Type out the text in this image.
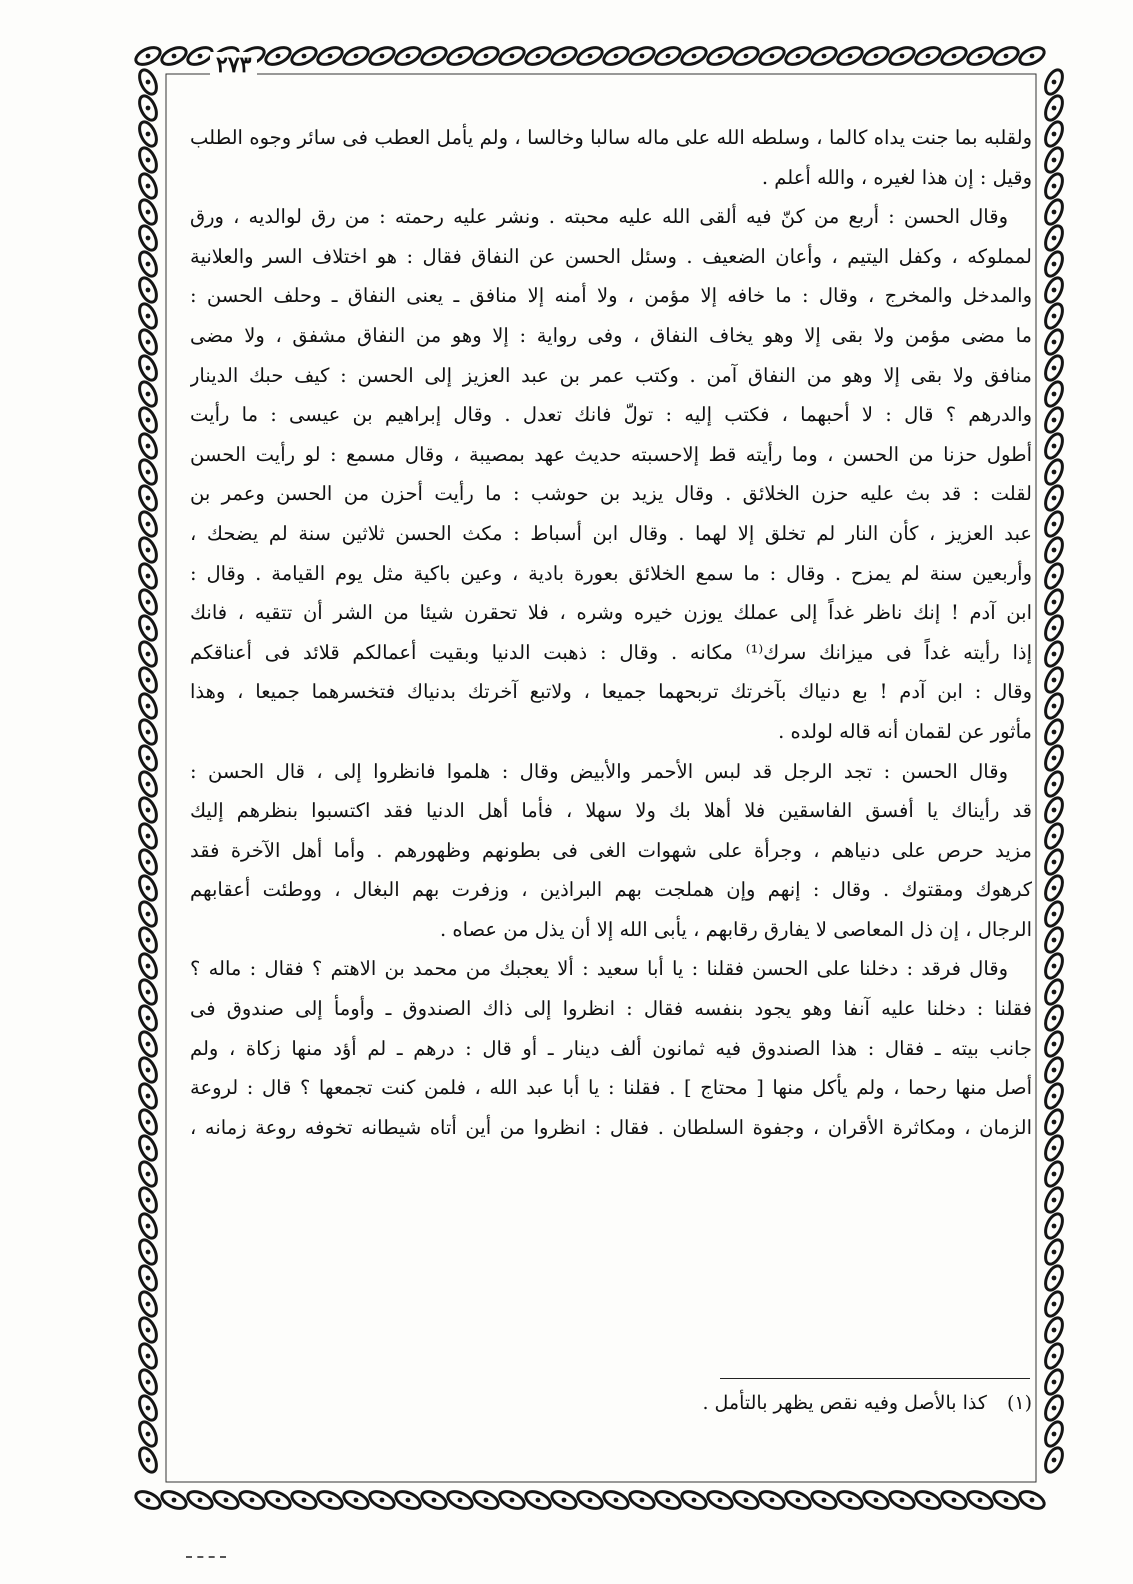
٢٧٣
ولقلبه بما جنت يداه كالما ، وسلطه الله على ماله سالبا وخالسا ، ولم يأمل العطب فى سائر وجوه الطلب
وقيل : إن هذا لغيره ، والله أعلم .
وقال الحسن : أربع من كنّ فيه ألقى الله عليه محبته . ونشر عليه رحمته : من رق لوالديه ، ورق
لمملوكه ، وكفل اليتيم ، وأعان الضعيف . وسئل الحسن عن النفاق فقال : هو اختلاف السر والعلانية
والمدخل والمخرج ، وقال : ما خافه إلا مؤمن ، ولا أمنه إلا منافق ـ يعنى النفاق ـ وحلف الحسن :
ما مضى مؤمن ولا بقى إلا وهو يخاف النفاق ، وفى رواية : إلا وهو من النفاق مشفق ، ولا مضى
منافق ولا بقى إلا وهو من النفاق آمن . وكتب عمر بن عبد العزيز إلى الحسن : كيف حبك الدينار
والدرهم ؟ قال : لا أحبهما ، فكتب إليه : تولّ فانك تعدل . وقال إبراهيم بن عيسى : ما رأيت
أطول حزنا من الحسن ، وما رأيته قط إلاحسبته حديث عهد بمصيبة ، وقال مسمع : لو رأيت الحسن
لقلت : قد بث عليه حزن الخلائق . وقال يزيد بن حوشب : ما رأيت أحزن من الحسن وعمر بن
عبد العزيز ، كأن النار لم تخلق إلا لهما . وقال ابن أسباط : مكث الحسن ثلاثين سنة لم يضحك ،
وأربعين سنة لم يمزح . وقال : ما سمع الخلائق بعورة بادية ، وعين باكية مثل يوم القيامة . وقال :
ابن آدم ! إنك ناظر غداً إلى عملك يوزن خيره وشره ، فلا تحقرن شيئا من الشر أن تتقيه ، فانك
إذا رأيته غداً فى ميزانك سرك⁽¹⁾ مكانه . وقال : ذهبت الدنيا وبقيت أعمالكم قلائد فى أعناقكم
وقال : ابن آدم ! بع دنياك بآخرتك تربحهما جميعا ، ولاتبع آخرتك بدنياك فتخسرهما جميعا ، وهذا
مأثور عن لقمان أنه قاله لولده .
وقال الحسن : تجد الرجل قد لبس الأحمر والأبيض وقال : هلموا فانظروا إلى ، قال الحسن :
قد رأيناك يا أفسق الفاسقين فلا أهلا بك ولا سهلا ، فأما أهل الدنيا فقد اكتسبوا بنظرهم إليك
مزيد حرص على دنياهم ، وجرأة على شهوات الغى فى بطونهم وظهورهم . وأما أهل الآخرة فقد
كرهوك ومقتوك . وقال : إنهم وإن هملجت بهم البراذين ، وزفرت بهم البغال ، ووطئت أعقابهم
الرجال ، إن ذل المعاصى لا يفارق رقابهم ، يأبى الله إلا أن يذل من عصاه .
وقال فرقد : دخلنا على الحسن فقلنا : يا أبا سعيد : ألا يعجبك من محمد بن الاهتم ؟ فقال : ماله ؟
فقلنا : دخلنا عليه آنفا وهو يجود بنفسه فقال : انظروا إلى ذاك الصندوق ـ وأومأ إلى صندوق فى
جانب بيته ـ فقال : هذا الصندوق فيه ثمانون ألف دينار ـ أو قال : درهم ـ لم أؤد منها زكاة ، ولم
أصل منها رحما ، ولم يأكل منها [ محتاج ] . فقلنا : يا أبا عبد الله ، فلمن كنت تجمعها ؟ قال : لروعة
الزمان ، ومكاثرة الأقران ، وجفوة السلطان . فقال : انظروا من أين أتاه شيطانه تخوفه روعة زمانه ،
(١) كذا بالأصل وفيه نقص يظهر بالتأمل .
